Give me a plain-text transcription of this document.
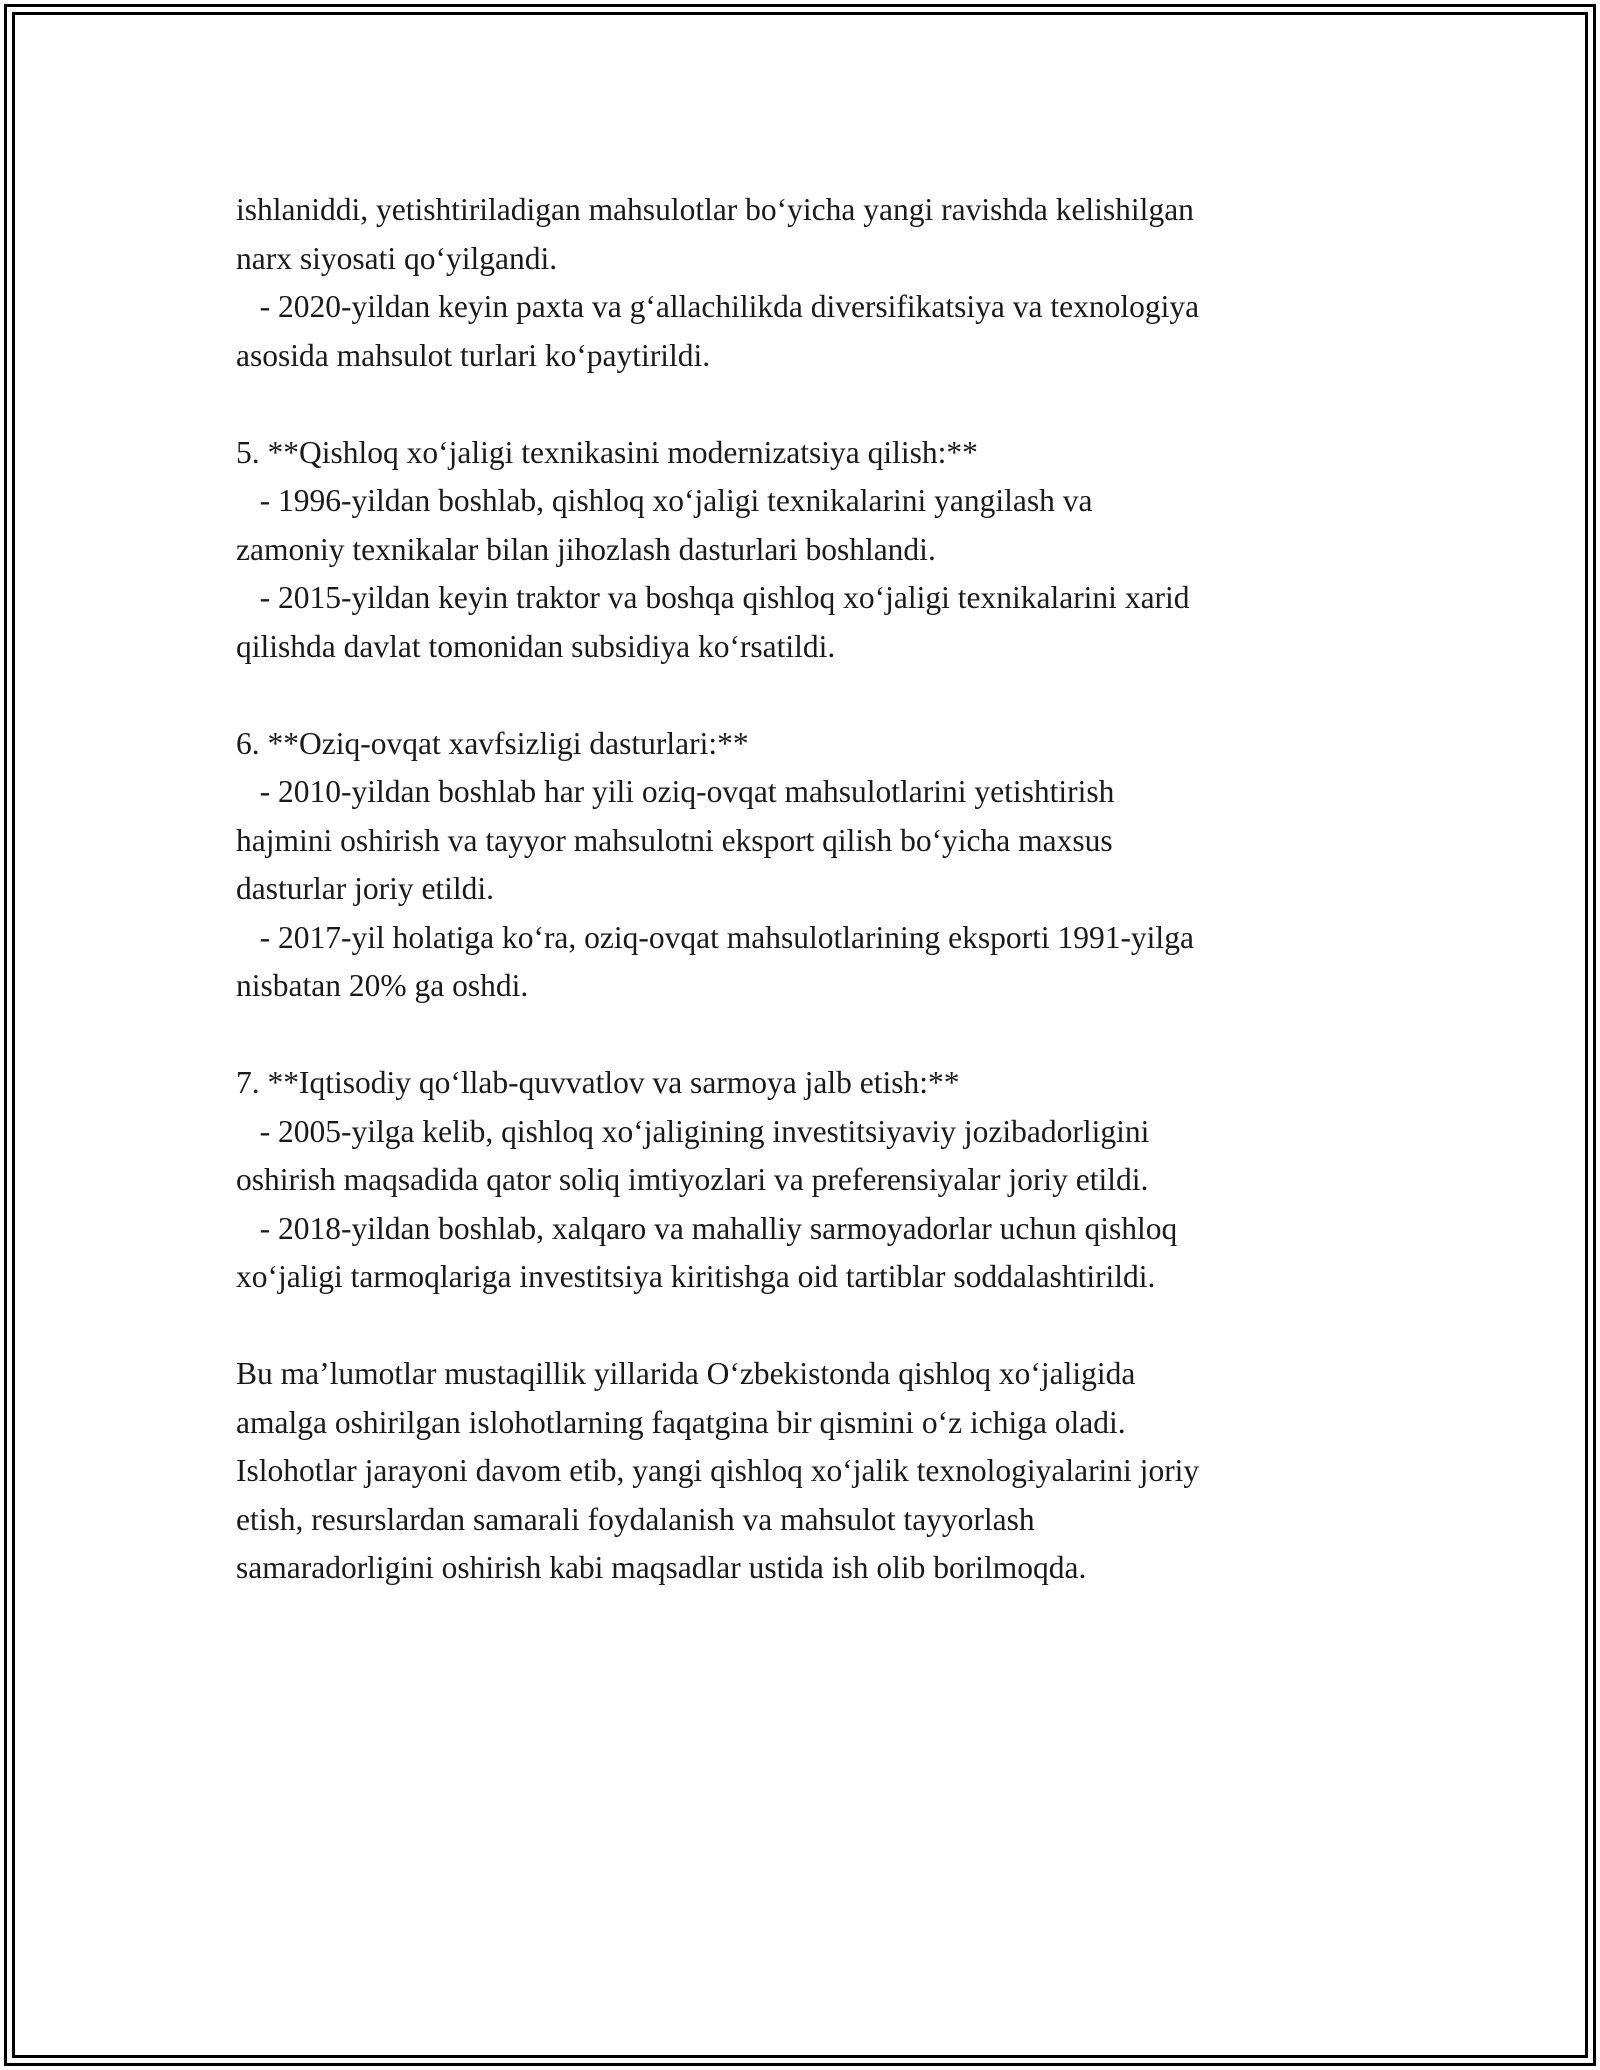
ishlaniddi, yetishtiriladigan mahsulotlar boʻyicha yangi ravishda kelishilgan
narx siyosati qoʻyilgandi.
- 2020-yildan keyin paxta va gʻallachilikda diversifikatsiya va texnologiya
asosida mahsulot turlari koʻpaytirildi.
5. **Qishloq xoʻjaligi texnikasini modernizatsiya qilish:**
- 1996-yildan boshlab, qishloq xoʻjaligi texnikalarini yangilash va
zamoniy texnikalar bilan jihozlash dasturlari boshlandi.
- 2015-yildan keyin traktor va boshqa qishloq xoʻjaligi texnikalarini xarid
qilishda davlat tomonidan subsidiya koʻrsatildi.
6. **Oziq-ovqat xavfsizligi dasturlari:**
- 2010-yildan boshlab har yili oziq-ovqat mahsulotlarini yetishtirish
hajmini oshirish va tayyor mahsulotni eksport qilish boʻyicha maxsus
dasturlar joriy etildi.
- 2017-yil holatiga koʻra, oziq-ovqat mahsulotlarining eksporti 1991-yilga
nisbatan 20% ga oshdi.
7. **Iqtisodiy qoʻllab-quvvatlov va sarmoya jalb etish:**
- 2005-yilga kelib, qishloq xoʻjaligining investitsiyaviy jozibadorligini
oshirish maqsadida qator soliq imtiyozlari va preferensiyalar joriy etildi.
- 2018-yildan boshlab, xalqaro va mahalliy sarmoyadorlar uchun qishloq
xoʻjaligi tarmoqlariga investitsiya kiritishga oid tartiblar soddalashtirildi.
Bu maʼlumotlar mustaqillik yillarida Oʻzbekistonda qishloq xoʻjaligida
amalga oshirilgan islohotlarning faqatgina bir qismini oʻz ichiga oladi.
Islohotlar jarayoni davom etib, yangi qishloq xoʻjalik texnologiyalarini joriy
etish, resurslardan samarali foydalanish va mahsulot tayyorlash
samaradorligini oshirish kabi maqsadlar ustida ish olib borilmoqda.
